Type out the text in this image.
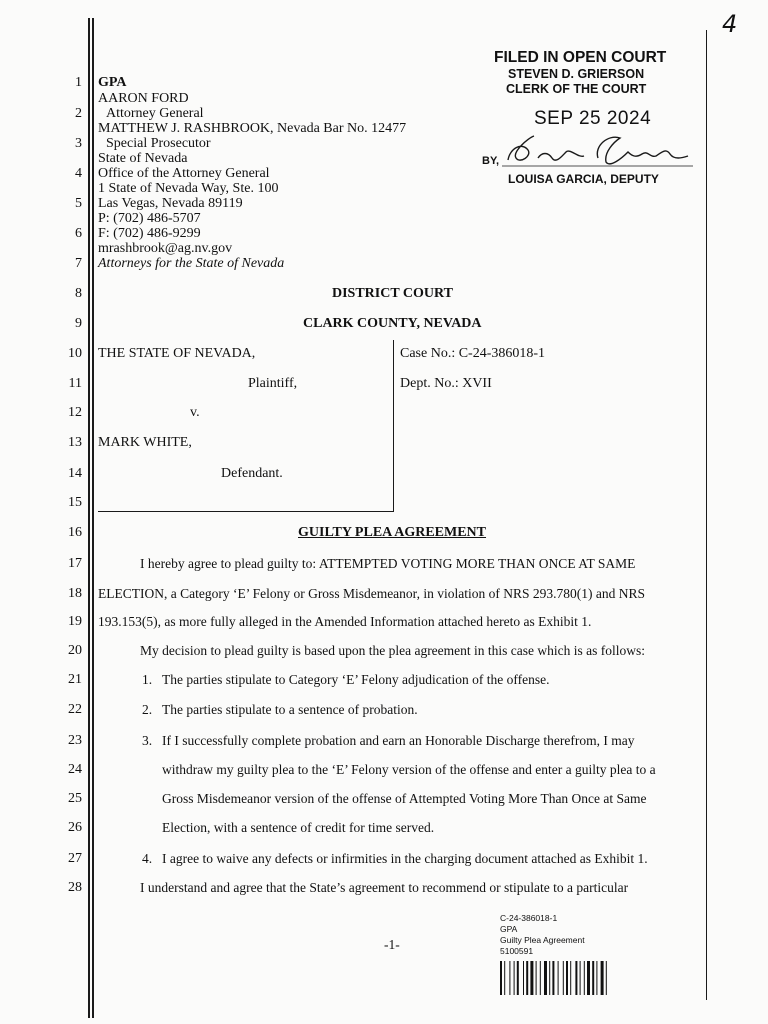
4
1
2
3
4
5
6
7
8
9
10
11
12
13
14
15
16
17
18
19
20
21
22
23
24
25
26
27
28
GPA
AARON FORD
Attorney General
MATTHEW J. RASHBROOK, Nevada Bar No. 12477
Special Prosecutor
State of Nevada
Office of the Attorney General
1 State of Nevada Way, Ste. 100
Las Vegas, Nevada 89119
P: (702) 486-5707
F: (702) 486-9299
mrashbrook@ag.nv.gov
Attorneys for the State of Nevada
FILED IN OPEN COURT
STEVEN D. GRIERSON
CLERK OF THE COURT
SEP 25 2024
BY,
LOUISA GARCIA, DEPUTY
DISTRICT COURT
CLARK COUNTY, NEVADA
THE STATE OF NEVADA,
Plaintiff,
v.
MARK WHITE,
Defendant.
Case No.: C-24-386018-1
Dept. No.: XVII
GUILTY PLEA AGREEMENT
I hereby agree to plead guilty to: ATTEMPTED VOTING MORE THAN ONCE AT SAME
ELECTION, a Category ‘E’ Felony or Gross Misdemeanor, in violation of NRS 293.780(1) and NRS
193.153(5), as more fully alleged in the Amended Information attached hereto as Exhibit 1.
My decision to plead guilty is based upon the plea agreement in this case which is as follows:
1. The parties stipulate to Category ‘E’ Felony adjudication of the offense.
2. The parties stipulate to a sentence of probation.
3. If I successfully complete probation and earn an Honorable Discharge therefrom, I may
withdraw my guilty plea to the ‘E’ Felony version of the offense and enter a guilty plea to a
Gross Misdemeanor version of the offense of Attempted Voting More Than Once at Same
Election, with a sentence of credit for time served.
4. I agree to waive any defects or infirmities in the charging document attached as Exhibit 1.
I understand and agree that the State’s agreement to recommend or stipulate to a particular
-1-
C-24-386018-1
GPA
Guilty Plea Agreement
5100591
